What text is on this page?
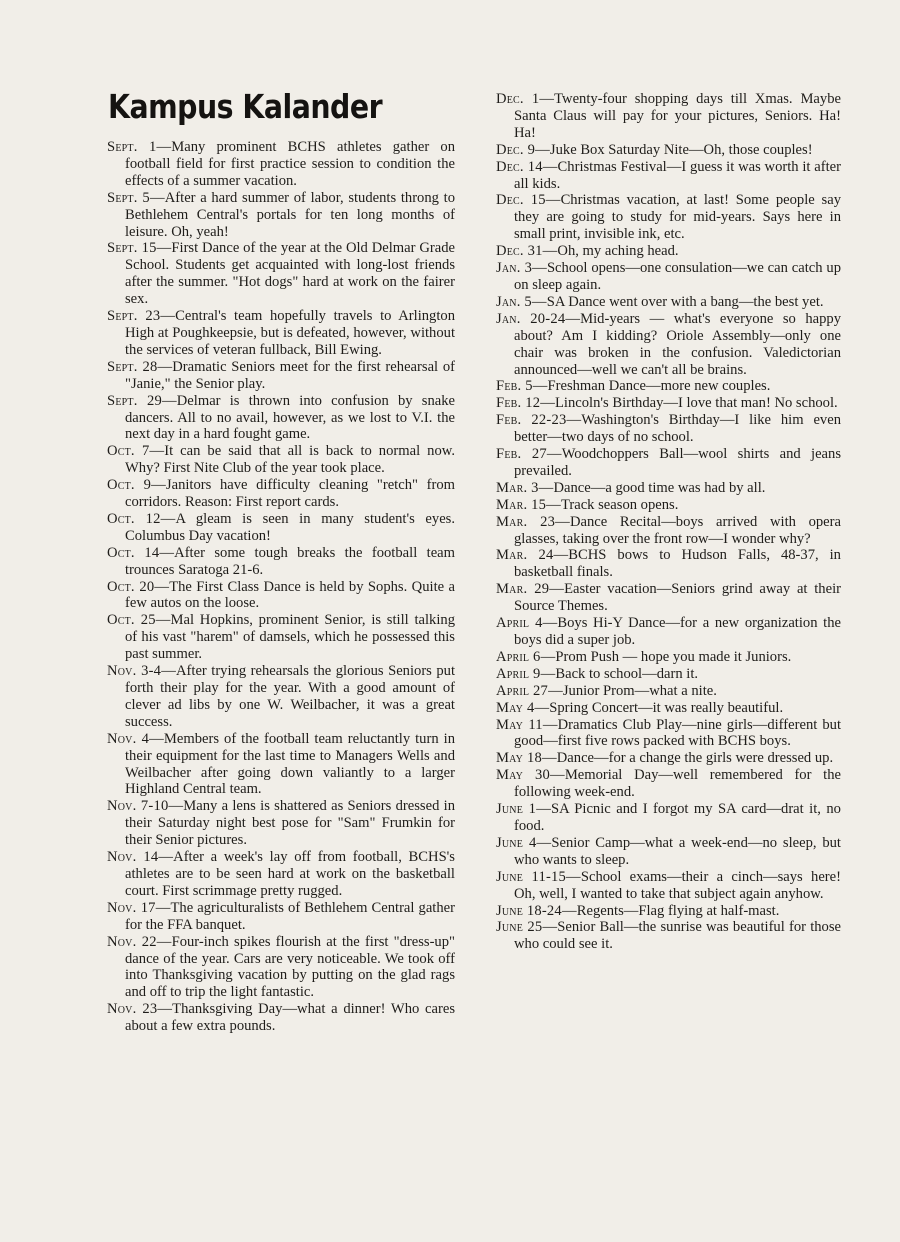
Kampus Kalander
Sept. 1 — Many prominent BCHS athletes gather on football field for first practice session to condition the effects of a summer vacation.
Sept. 5 — After a hard summer of labor, students throng to Bethlehem Central's portals for ten long months of leisure. Oh, yeah!
Sept. 15 — First Dance of the year at the Old Delmar Grade School. Students get acquainted with long-lost friends after the summer. "Hot dogs" hard at work on the fairer sex.
Sept. 23 — Central's team hopefully travels to Arlington High at Poughkeepsie, but is defeated, however, without the services of veteran fullback, Bill Ewing.
Sept. 28 — Dramatic Seniors meet for the first rehearsal of "Janie," the Senior play.
Sept. 29 — Delmar is thrown into confusion by snake dancers. All to no avail, however, as we lost to V.I. the next day in a hard fought game.
Oct. 7 — It can be said that all is back to normal now. Why? First Nite Club of the year took place.
Oct. 9 — Janitors have difficulty cleaning "retch" from corridors. Reason: First report cards.
Oct. 12 — A gleam is seen in many student's eyes. Columbus Day vacation!
Oct. 14 — After some tough breaks the football team trounces Saratoga 21-6.
Oct. 20 — The First Class Dance is held by Sophs. Quite a few autos on the loose.
Oct. 25 — Mal Hopkins, prominent Senior, is still talking of his vast "harem" of damsels, which he possessed this past summer.
Nov. 3-4 — After trying rehearsals the glorious Seniors put forth their play for the year. With a good amount of clever ad libs by one W. Weilbacher, it was a great success.
Nov. 4 — Members of the football team reluctantly turn in their equipment for the last time to Managers Wells and Weilbacher after going down valiantly to a larger Highland Central team.
Nov. 7-10 — Many a lens is shattered as Seniors dressed in their Saturday night best pose for "Sam" Frumkin for their Senior pictures.
Nov. 14 — After a week's lay off from football, BCHS's athletes are to be seen hard at work on the basketball court. First scrimmage pretty rugged.
Nov. 17 — The agriculturalists of Bethlehem Central gather for the FFA banquet.
Nov. 22 — Four-inch spikes flourish at the first "dress-up" dance of the year. Cars are very noticeable. We took off into Thanksgiving vacation by putting on the glad rags and off to trip the light fantastic.
Nov. 23 — Thanksgiving Day—what a dinner! Who cares about a few extra pounds.
Dec. 1 — Twenty-four shopping days till Xmas. Maybe Santa Claus will pay for your pictures, Seniors. Ha! Ha!
Dec. 9 — Juke Box Saturday Nite—Oh, those couples!
Dec. 14 — Christmas Festival—I guess it was worth it after all kids.
Dec. 15 — Christmas vacation, at last! Some people say they are going to study for mid-years. Says here in small print, invisible ink, etc.
Dec. 31 — Oh, my aching head.
Jan. 3 — School opens—one consulation—we can catch up on sleep again.
Jan. 5 — SA Dance went over with a bang—the best yet.
Jan. 20-24 — Mid-years — what's everyone so happy about? Am I kidding? Oriole Assembly—only one chair was broken in the confusion. Valedictorian announced—well we can't all be brains.
Feb. 5 — Freshman Dance—more new couples.
Feb. 12 — Lincoln's Birthday—I love that man! No school.
Feb. 22-23 — Washington's Birthday—I like him even better—two days of no school.
Feb. 27 — Woodchoppers Ball—wool shirts and jeans prevailed.
Mar. 3 — Dance—a good time was had by all.
Mar. 15 — Track season opens.
Mar. 23 — Dance Recital—boys arrived with opera glasses, taking over the front row—I wonder why?
Mar. 24 — BCHS bows to Hudson Falls, 48-37, in basketball finals.
Mar. 29 — Easter vacation—Seniors grind away at their Source Themes.
April 4 — Boys Hi-Y Dance—for a new organization the boys did a super job.
April 6 — Prom Push — hope you made it Juniors.
April 9 — Back to school—darn it.
April 27 — Junior Prom—what a nite.
May 4 — Spring Concert—it was really beautiful.
May 11 — Dramatics Club Play—nine girls—different but good—first five rows packed with BCHS boys.
May 18 — Dance—for a change the girls were dressed up.
May 30 — Memorial Day—well remembered for the following week-end.
June 1 — SA Picnic and I forgot my SA card—drat it, no food.
June 4 — Senior Camp—what a week-end—no sleep, but who wants to sleep.
June 11-15 — School exams—their a cinch—says here! Oh, well, I wanted to take that subject again anyhow.
June 18-24 — Regents—Flag flying at half-mast.
June 25 — Senior Ball—the sunrise was beautiful for those who could see it.
